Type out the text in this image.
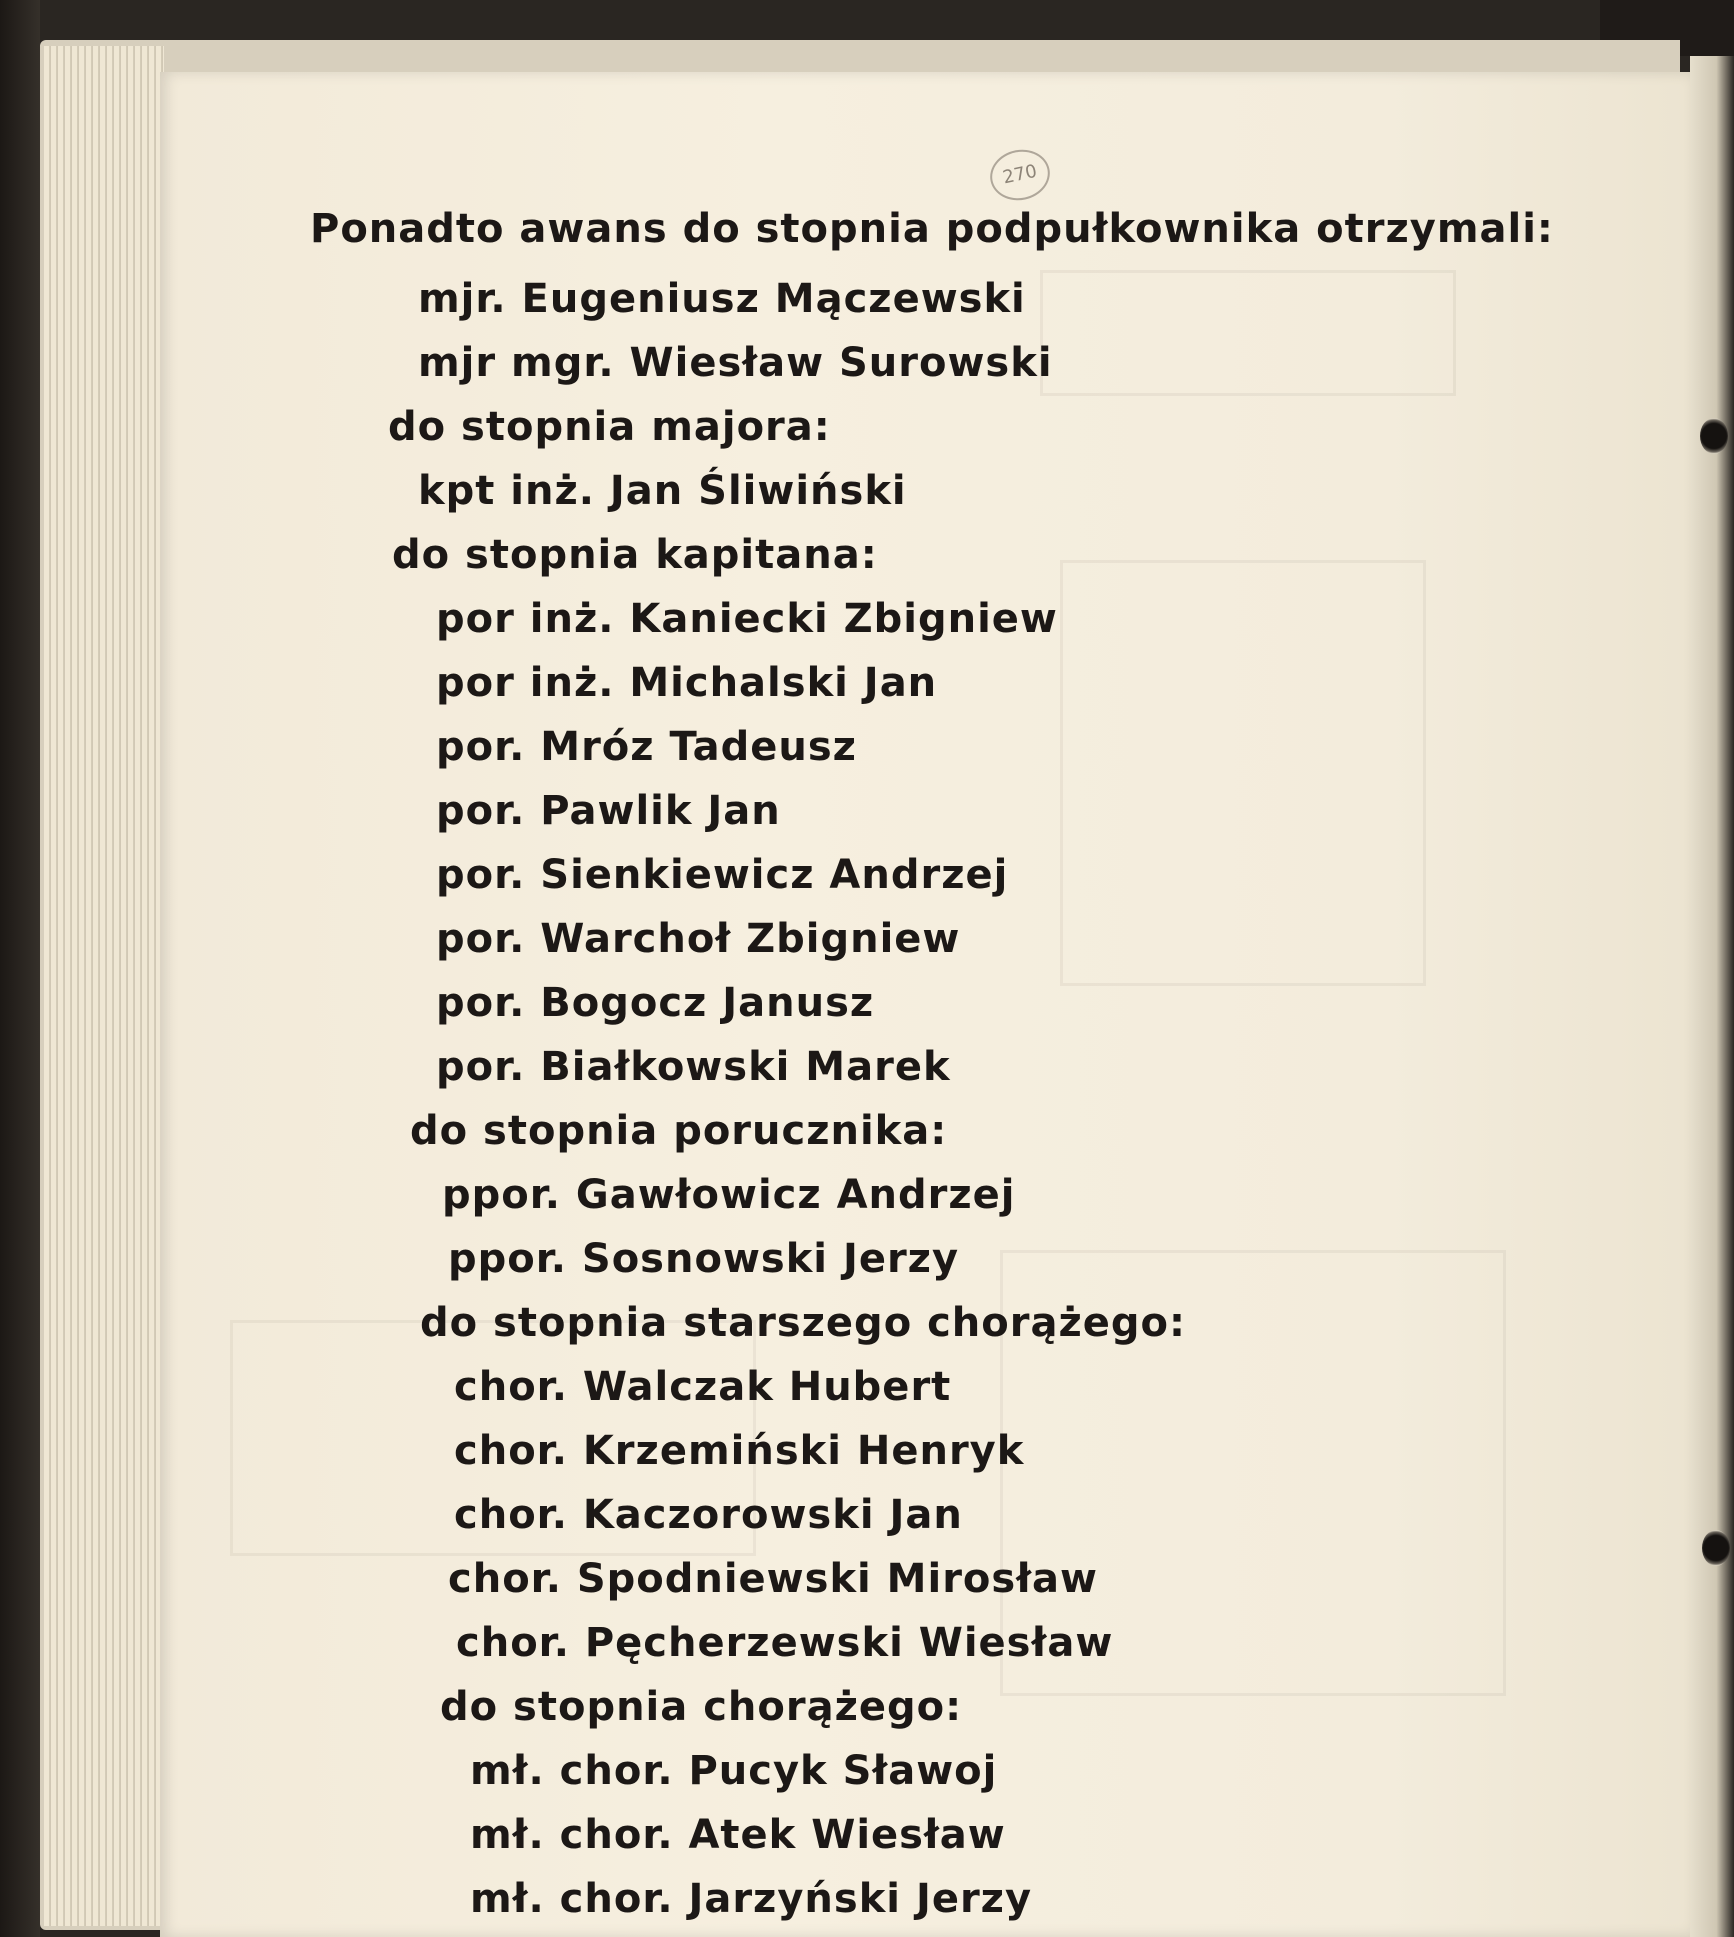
270
Ponadto awans do stopnia podpułkownika otrzymali:
mjr. Eugeniusz Mączewski
mjr mgr. Wiesław Surowski
do stopnia majora:
kpt inż. Jan Śliwiński
do stopnia kapitana:
por inż. Kaniecki Zbigniew
por inż. Michalski Jan
por. Mróz Tadeusz
por. Pawlik Jan
por. Sienkiewicz Andrzej
por. Warchoł Zbigniew
por. Bogocz Janusz
por. Białkowski Marek
do stopnia porucznika:
ppor. Gawłowicz Andrzej
ppor. Sosnowski Jerzy
do stopnia starszego chorążego:
chor. Walczak Hubert
chor. Krzemiński Henryk
chor. Kaczorowski Jan
chor. Spodniewski Mirosław
chor. Pęcherzewski Wiesław
do stopnia chorążego:
mł. chor. Pucyk Sławoj
mł. chor. Atek Wiesław
mł. chor. Jarzyński Jerzy
